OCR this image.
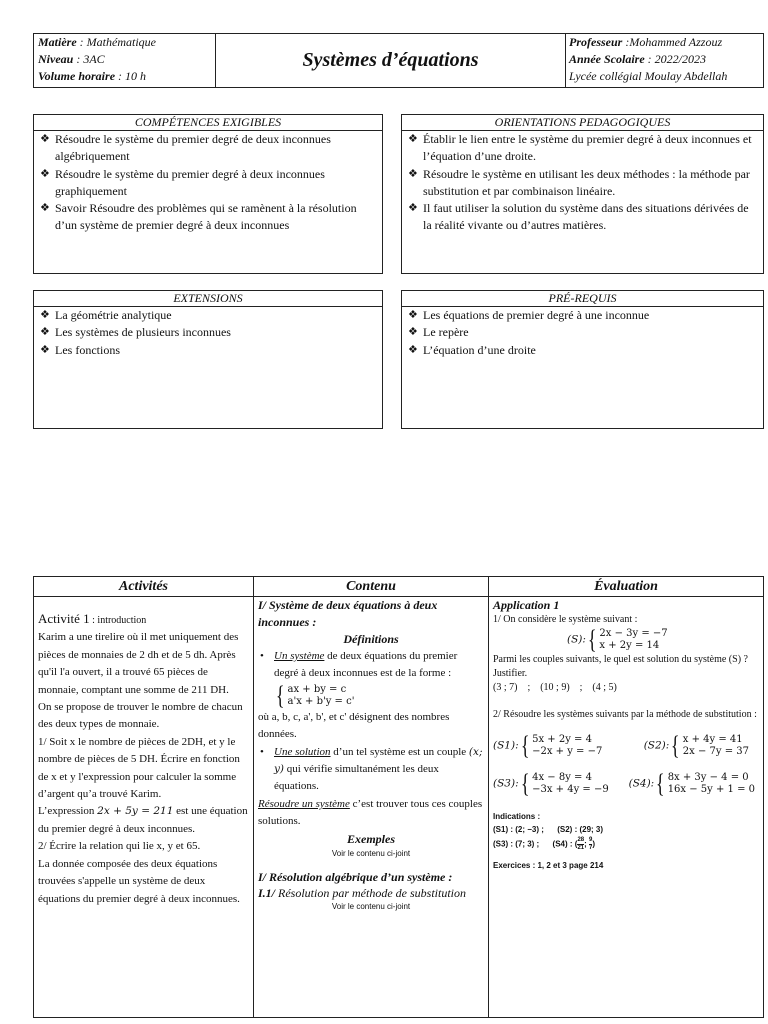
Matière : Mathématique
Niveau : 3AC
Volume horaire : 10 h
Systèmes d’équations
Professeur :Mohammed Azzouz
Année Scolaire : 2022/2023
Lycée collégial Moulay Abdellah
COMPÉTENCES EXIGIBLES
❖ Résoudre le système du premier degré de deux inconnues algébriquement
❖ Résoudre le système du premier degré à deux inconnues graphiquement
❖ Savoir Résoudre des problèmes qui se ramènent à la résolution d’un système de premier degré à deux inconnues
ORIENTATIONS PEDAGOGIQUES
❖ Établir le lien entre le système du premier degré à deux inconnues et l’équation d’une droite.
❖ Résoudre le système en utilisant les deux méthodes : la méthode par substitution et par combinaison linéaire.
❖ Il faut utiliser la solution du système dans des situations dérivées de la réalité vivante ou d’autres matières.
EXTENSIONS
❖ La géométrie analytique
❖ Les systèmes de plusieurs inconnues
❖ Les fonctions
PRÉ-REQUIS
❖ Les équations de premier degré à une inconnue
❖ Le repère
❖ L’équation d’une droite
Activités	Contenu	Évaluation
Activité 1 : introduction
Karim a une tirelire où il met uniquement des pièces de monnaies de 2 dh et de 5 dh. Après qu'il l'a ouvert, il a trouvé 65 pièces de monnaie, comptant une somme de 211 DH.
On se propose de trouver le nombre de chacun des deux types de monnaie.
1/ Soit x le nombre de pièces de 2DH, et y le nombre de pièces de 5 DH. Écrire en fonction de x et y l'expression pour calculer la somme d’argent qu’a trouvé Karim.
L’expression 2x + 5y = 211 est une équation du premier degré à deux inconnues.
2/ Écrire la relation qui lie x, y et 65.
La donnée composée des deux équations trouvées s'appelle un système de deux équations du premier degré à deux inconnues.
I/ Système de deux équations à deux inconnues :
Définitions
• Un système de deux équations du premier degré à deux inconnues est de la forme :
{ ax + by = c
a'x + b'y = c'
où a, b, c, a', b', et c' désignent des nombres données.
• Une solution d’un tel système est un couple (x; y) qui vérifie simultanément les deux équations.
Résoudre un système c’est trouver tous ces couples solutions.
Exemples
Voir le contenu ci-joint
I/ Résolution algébrique d’un système :
I.1/ Résolution par méthode de substitution
Voir le contenu ci-joint
Application 1
1/ On considère le système suivant :
(S): { 2x − 3y = −7
x + 2y = 14
Parmi les couples suivants, le quel est solution du système (S) ? Justifier.
(3 ; 7)    ;    (10 ; 9)    ;    (4 ; 5)
2/ Résoudre les systèmes suivants par la méthode de substitution :
(S1): { 5x + 2y = 4
−2x + y = −7	(S2): { x + 4y = 41
2x − 7y = 37
(S3): { 4x − 8y = 4
−3x + 4y = −9 (S4): { 8x + 3y − 4 = 0
16x − 5y + 1 = 0
Indications :
(S1) : (2; −3) ;      (S2) : (29; 3)
(S3) : (7; 3) ;      (S4) : ( $\frac{28}{21}$ ; $\frac{9}{7}$ )
Exercices : 1, 2 et 3 page 214
